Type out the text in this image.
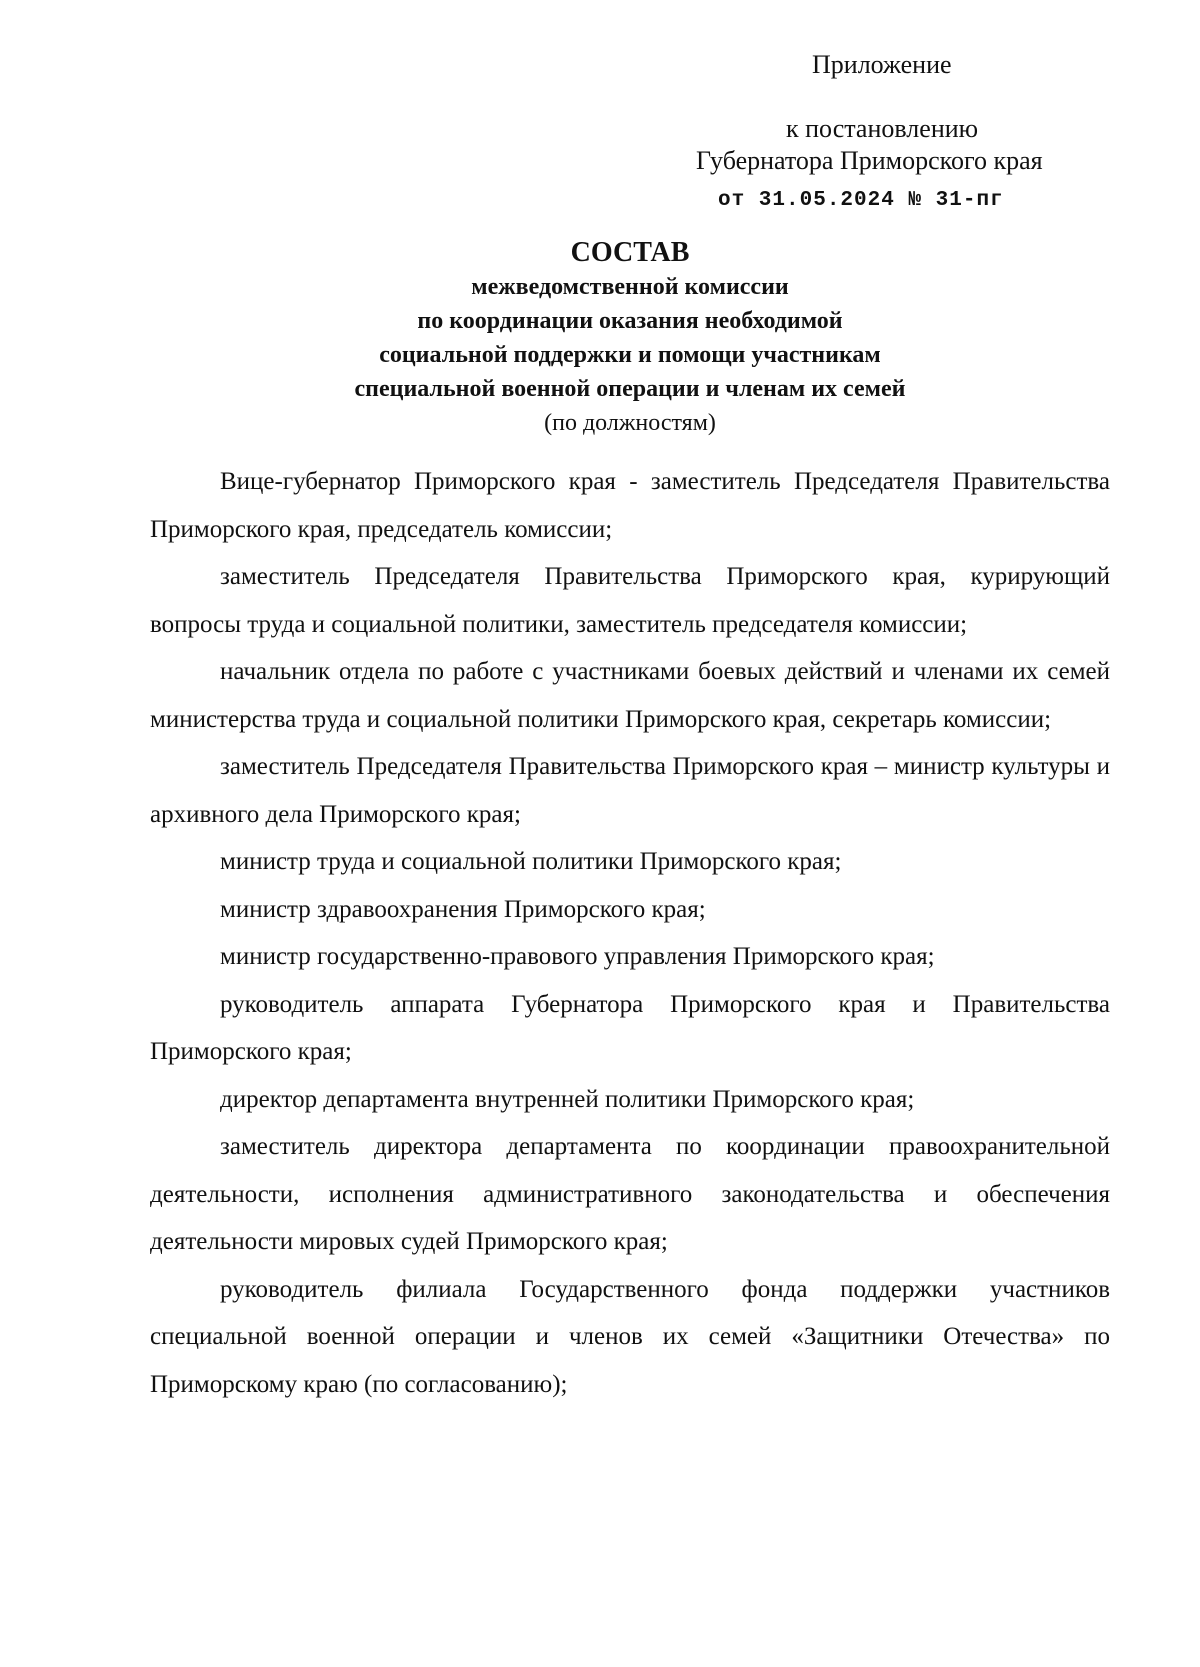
Приложение
к постановлению
Губернатора Приморского края
от 31.05.2024 № 31-пг
СОСТАВ
межведомственной комиссии
по координации оказания необходимой
социальной поддержки и помощи участникам
специальной военной операции и членам их семей
(по должностям)

Вице-губернатор Приморского края - заместитель Председателя Правительства Приморского края, председатель комиссии;

заместитель Председателя Правительства Приморского края, курирующий вопросы труда и социальной политики, заместитель председателя комиссии;

начальник отдела по работе с участниками боевых действий и членами их семей министерства труда и социальной политики Приморского края, секретарь комиссии;

заместитель Председателя Правительства Приморского края – министр культуры и архивного дела Приморского края;

министр труда и социальной политики Приморского края;

министр здравоохранения Приморского края;

министр государственно-правового управления Приморского края;

руководитель аппарата Губернатора Приморского края и Правительства Приморского края;

директор департамента внутренней политики Приморского края;

заместитель директора департамента по координации правоохранительной деятельности, исполнения административного законодательства и обеспечения деятельности мировых судей Приморского края;

руководитель филиала Государственного фонда поддержки участников специальной военной операции и членов их семей «Защитники Отечества» по Приморскому краю (по согласованию);
